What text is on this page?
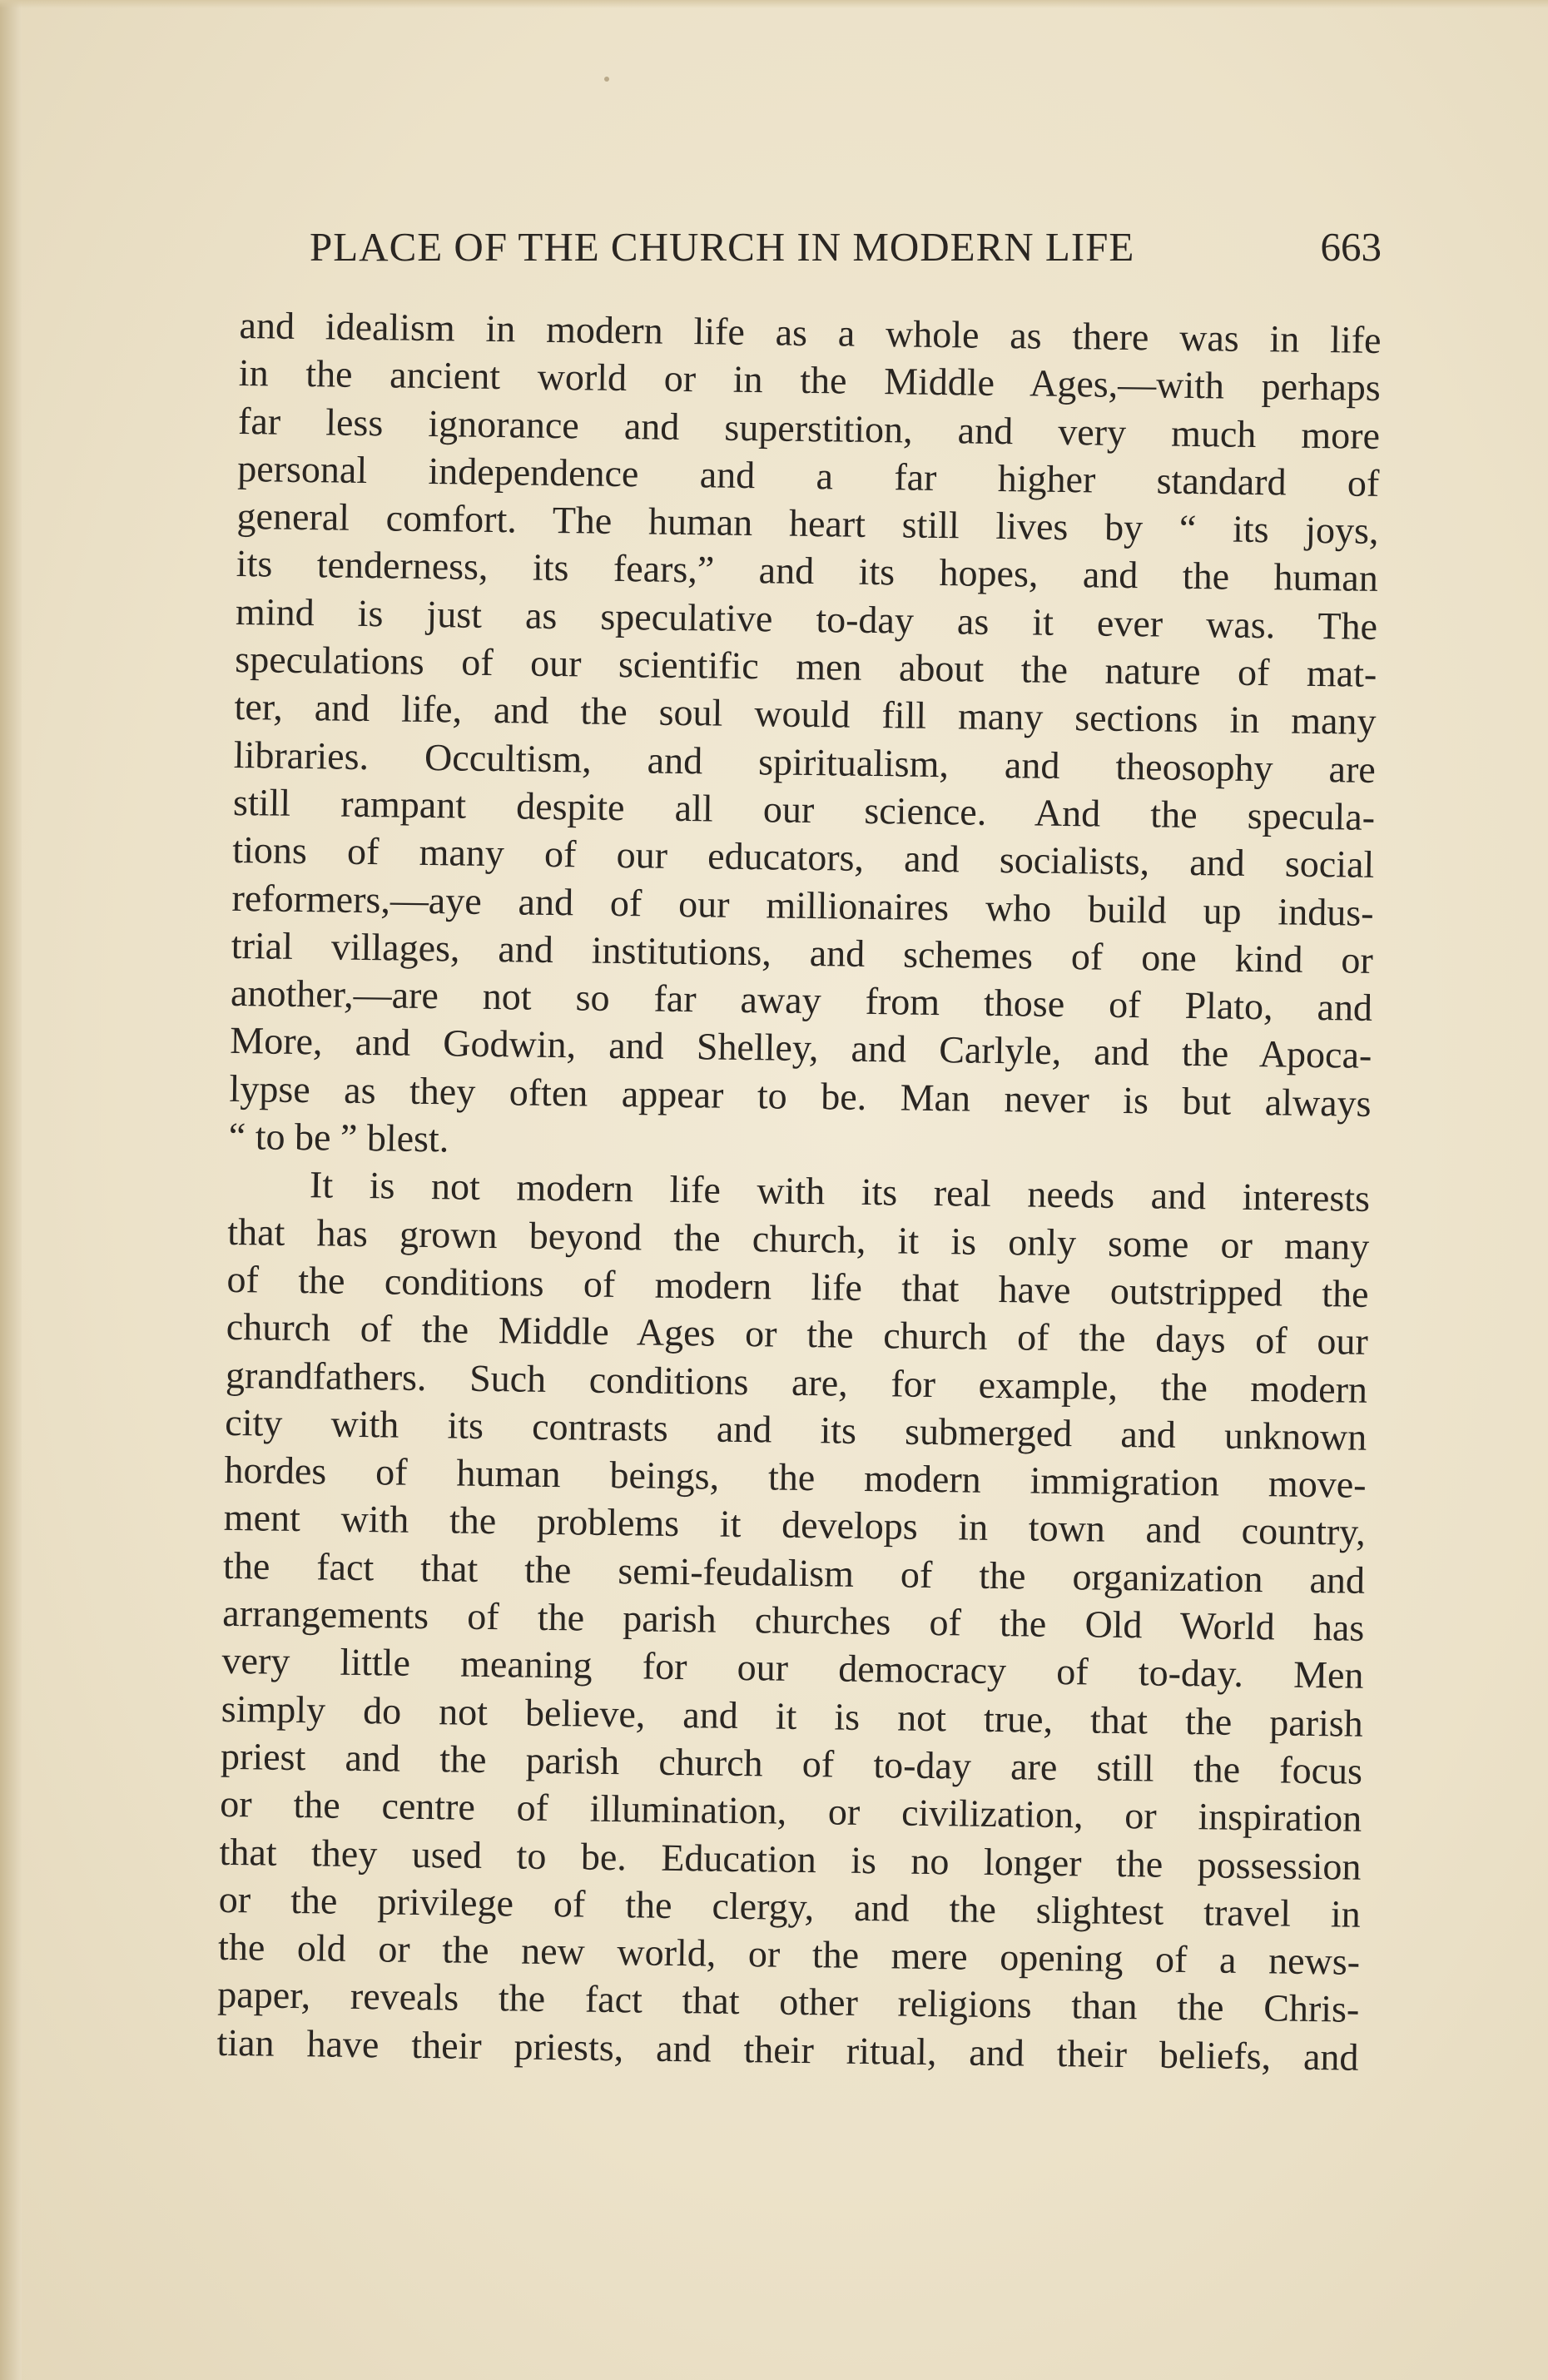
PLACE OF THE CHURCH IN MODERN LIFE	663
and idealism in modern life as a whole as there was in life
in the ancient world or in the Middle Ages,—with perhaps
far less ignorance and superstition, and very much more
personal independence and a far higher standard of
general comfort. The human heart still lives by “ its joys,
its tenderness, its fears,” and its hopes, and the human
mind is just as speculative to-day as it ever was. The
speculations of our scientific men about the nature of mat-
ter, and life, and the soul would fill many sections in many
libraries. Occultism, and spiritualism, and theosophy are
still rampant despite all our science. And the specula-
tions of many of our educators, and socialists, and social
reformers,—aye and of our millionaires who build up indus-
trial villages, and institutions, and schemes of one kind or
another,—are not so far away from those of Plato, and
More, and Godwin, and Shelley, and Carlyle, and the Apoca-
lypse as they often appear to be. Man never is but always
“ to be ” blest.
It is not modern life with its real needs and interests
that has grown beyond the church, it is only some or many
of the conditions of modern life that have outstripped the
church of the Middle Ages or the church of the days of our
grandfathers. Such conditions are, for example, the modern
city with its contrasts and its submerged and unknown
hordes of human beings, the modern immigration move-
ment with the problems it develops in town and country,
the fact that the semi-feudalism of the organization and
arrangements of the parish churches of the Old World has
very little meaning for our democracy of to-day. Men
simply do not believe, and it is not true, that the parish
priest and the parish church of to-day are still the focus
or the centre of illumination, or civilization, or inspiration
that they used to be. Education is no longer the possession
or the privilege of the clergy, and the slightest travel in
the old or the new world, or the mere opening of a news-
paper, reveals the fact that other religions than the Chris-
tian have their priests, and their ritual, and their beliefs, and
